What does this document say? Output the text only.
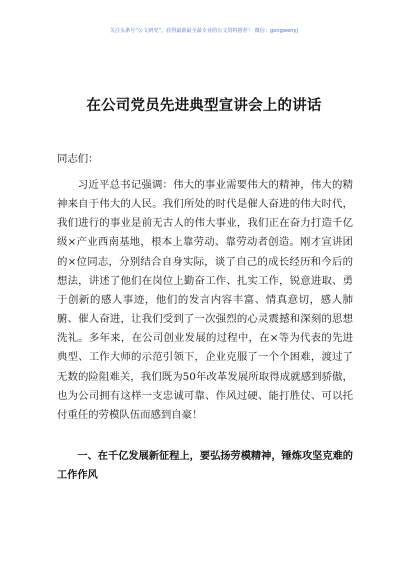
关注头条号“公文研究”，获得最新最全最专业的公文资料推荐！ 微信：gongwenyj
在公司党员先进典型宣讲会上的讲话
同志们：

习近平总书记强调：伟大的事业需要伟大的精神，伟大的精神来自于伟大的人民。我们所处的时代是催人奋进的伟大时代，我们进行的事业是前无古人的伟大事业，我们正在奋力打造千亿级×产业西南基地，根本上靠劳动、靠劳动者创造。刚才宣讲团的×位同志，分别结合自身实际，谈了自己的成长经历和今后的想法，讲述了他们在岗位上勤奋工作、扎实工作，锐意进取、勇于创新的感人事迹，他们的发言内容丰富、情真意切，感人肺腑、催人奋进，让我们受到了一次强烈的心灵震撼和深刻的思想洗礼。多年来，在公司创业发展的过程中，在×等为代表的先进典型、工作大师的示范引领下，企业克服了一个个困难，渡过了无数的险阻难关，我们既为50年改革发展所取得成就感到骄傲，也为公司拥有这样一支忠诚可靠、作风过硬、能打胜仗、可以托付重任的劳模队伍而感到自豪！

一、在千亿发展新征程上，要弘扬劳模精神，锤炼攻坚克难的工作作风
